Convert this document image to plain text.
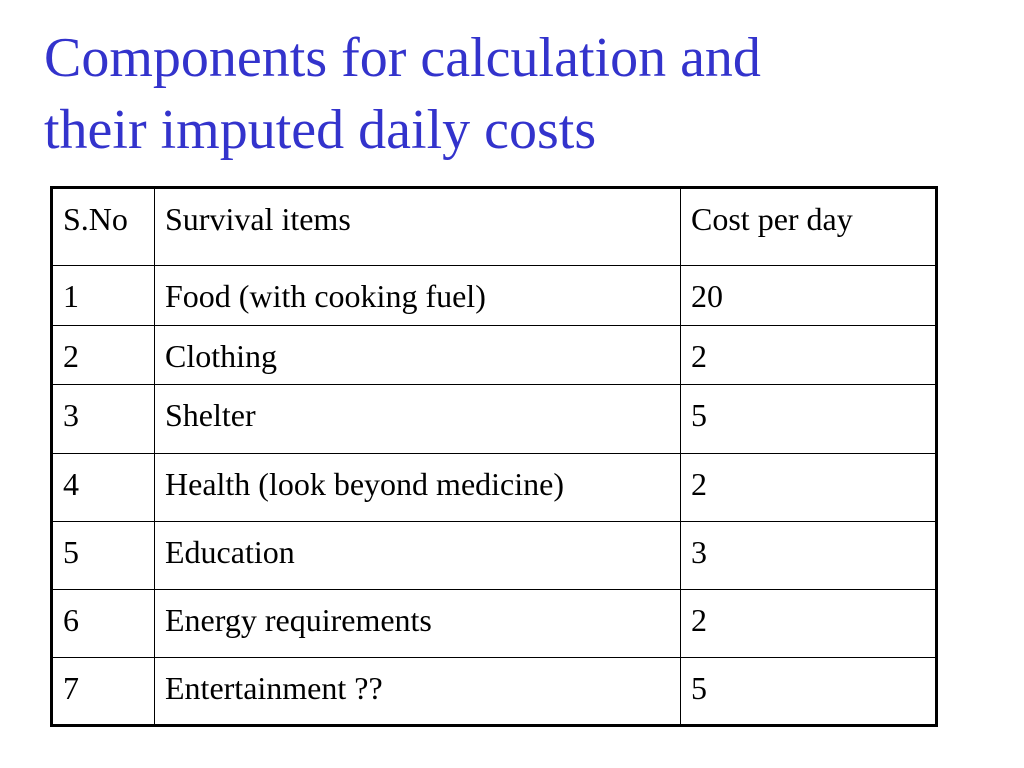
Components for calculation and
their imputed daily costs
S.No	Survival items	Cost per day

1	Food (with cooking fuel)	20

2	Clothing	2

3	Shelter	5

4	Health (look beyond medicine)	2

5	Education	3

6	Energy requirements	2

7	Entertainment ??	5
